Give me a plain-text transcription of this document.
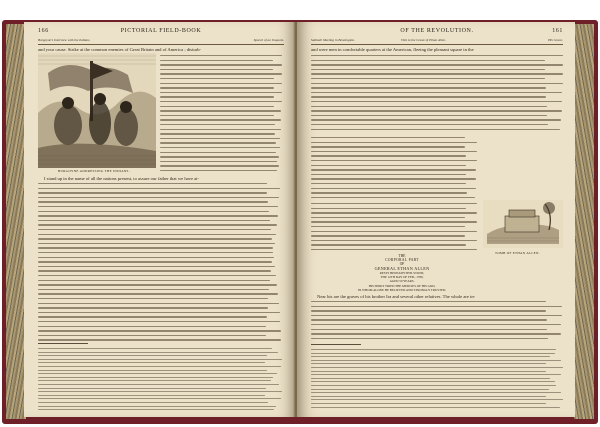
166	PICTORIAL FIELD-BOOK
Burgoyne's Interview with the Indians.	Speech of an Iroquois.
and your cause. Strike at the common enemies of Great Britain and of America ; disturb-
BURGOYNE ADDRESSING THE INDIANS.
I stand up in the name of all the nations present, to assure our father that we have at-
OF THE REVOLUTION.	161
Sabbath Meeting in Bennington.	Visit to the Grave of Ethan Allen.	His Grave.
and were men in comfortable quarters at the American, fleeing the pleasant square in the
TOMB OF ETHAN ALLEN.
THE
CORPORAL PART
OF
GENERAL ETHAN ALLEN
RESTS BENEATH THIS STONE,
THE 12TH DAY OF FEB., 1789,
AGED 50 YEARS.
HIS SPIRIT TRIED THE MERCIES OF HIS GOD,
IN WHOM ALONE HE BELIEVED AND STRONGLY TRUSTED.
Near his are the graves of his brother Ira and several other relatives. The whole are in-
